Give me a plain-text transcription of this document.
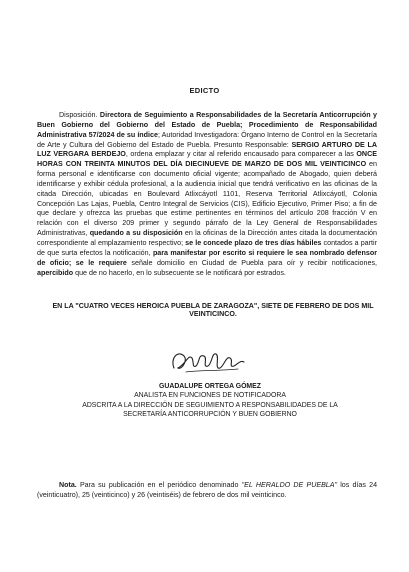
EDICTO
Disposición. Directora de Seguimiento a Responsabilidades de la Secretaría Anticorrupción y Buen Gobierno del Gobierno del Estado de Puebla; Procedimiento de Responsabilidad Administrativa 57/2024 de su índice; Autoridad Investigadora: Órgano Interno de Control en la Secretaría de Arte y Cultura del Gobierno del Estado de Puebla. Presunto Responsable: SERGIO ARTURO DE LA LUZ VERGARA BERDEJO, ordena emplazar y citar al referido encausado para comparecer a las ONCE HORAS CON TREINTA MINUTOS DEL DÍA DIECINUEVE DE MARZO DE DOS MIL VEINTICINCO en forma personal e identificarse con documento oficial vigente; acompañado de Abogado, quien deberá identificarse y exhibir cédula profesional, a la audiencia inicial que tendrá verificativo en las oficinas de la citada Dirección, ubicadas en Boulevard Atlixcáyotl 1101, Reserva Territorial Atlixcáyotl, Colonia Concepción Las Lajas, Puebla, Centro Integral de Servicios (CIS), Edificio Ejecutivo, Primer Piso; a fin de que declare y ofrezca las pruebas que estime pertinentes en términos del artículo 208 fracción V en relación con el diverso 209 primer y segundo párrafo de la Ley General de Responsabilidades Administrativas, quedando a su disposición en la oficinas de la Dirección antes citada la documentación correspondiente al emplazamiento respectivo; se le concede plazo de tres días hábiles contados a partir de que surta efectos la notificación, para manifestar por escrito si requiere le sea nombrado defensor de oficio; se le requiere señale domicilio en Ciudad de Puebla para oír y recibir notificaciones, apercibido que de no hacerlo, en lo subsecuente se le notificará por estrados.
EN LA "CUATRO VECES HEROICA PUEBLA DE ZARAGOZA", SIETE DE FEBRERO DE DOS MIL VEINTICINCO.
GUADALUPE ORTEGA GÓMEZ
ANALISTA EN FUNCIONES DE NOTIFICADORA
ADSCRITA A LA DIRECCIÓN DE SEGUIMIENTO A RESPONSABILIDADES DE LA
SECRETARÍA ANTICORRUPCIÓN Y BUEN GOBIERNO
Nota. Para su publicación en el periódico denominado "EL HERALDO DE PUEBLA" los días 24 (veinticuatro), 25 (veinticinco) y 26 (veintiséis) de febrero de dos mil veinticinco.
